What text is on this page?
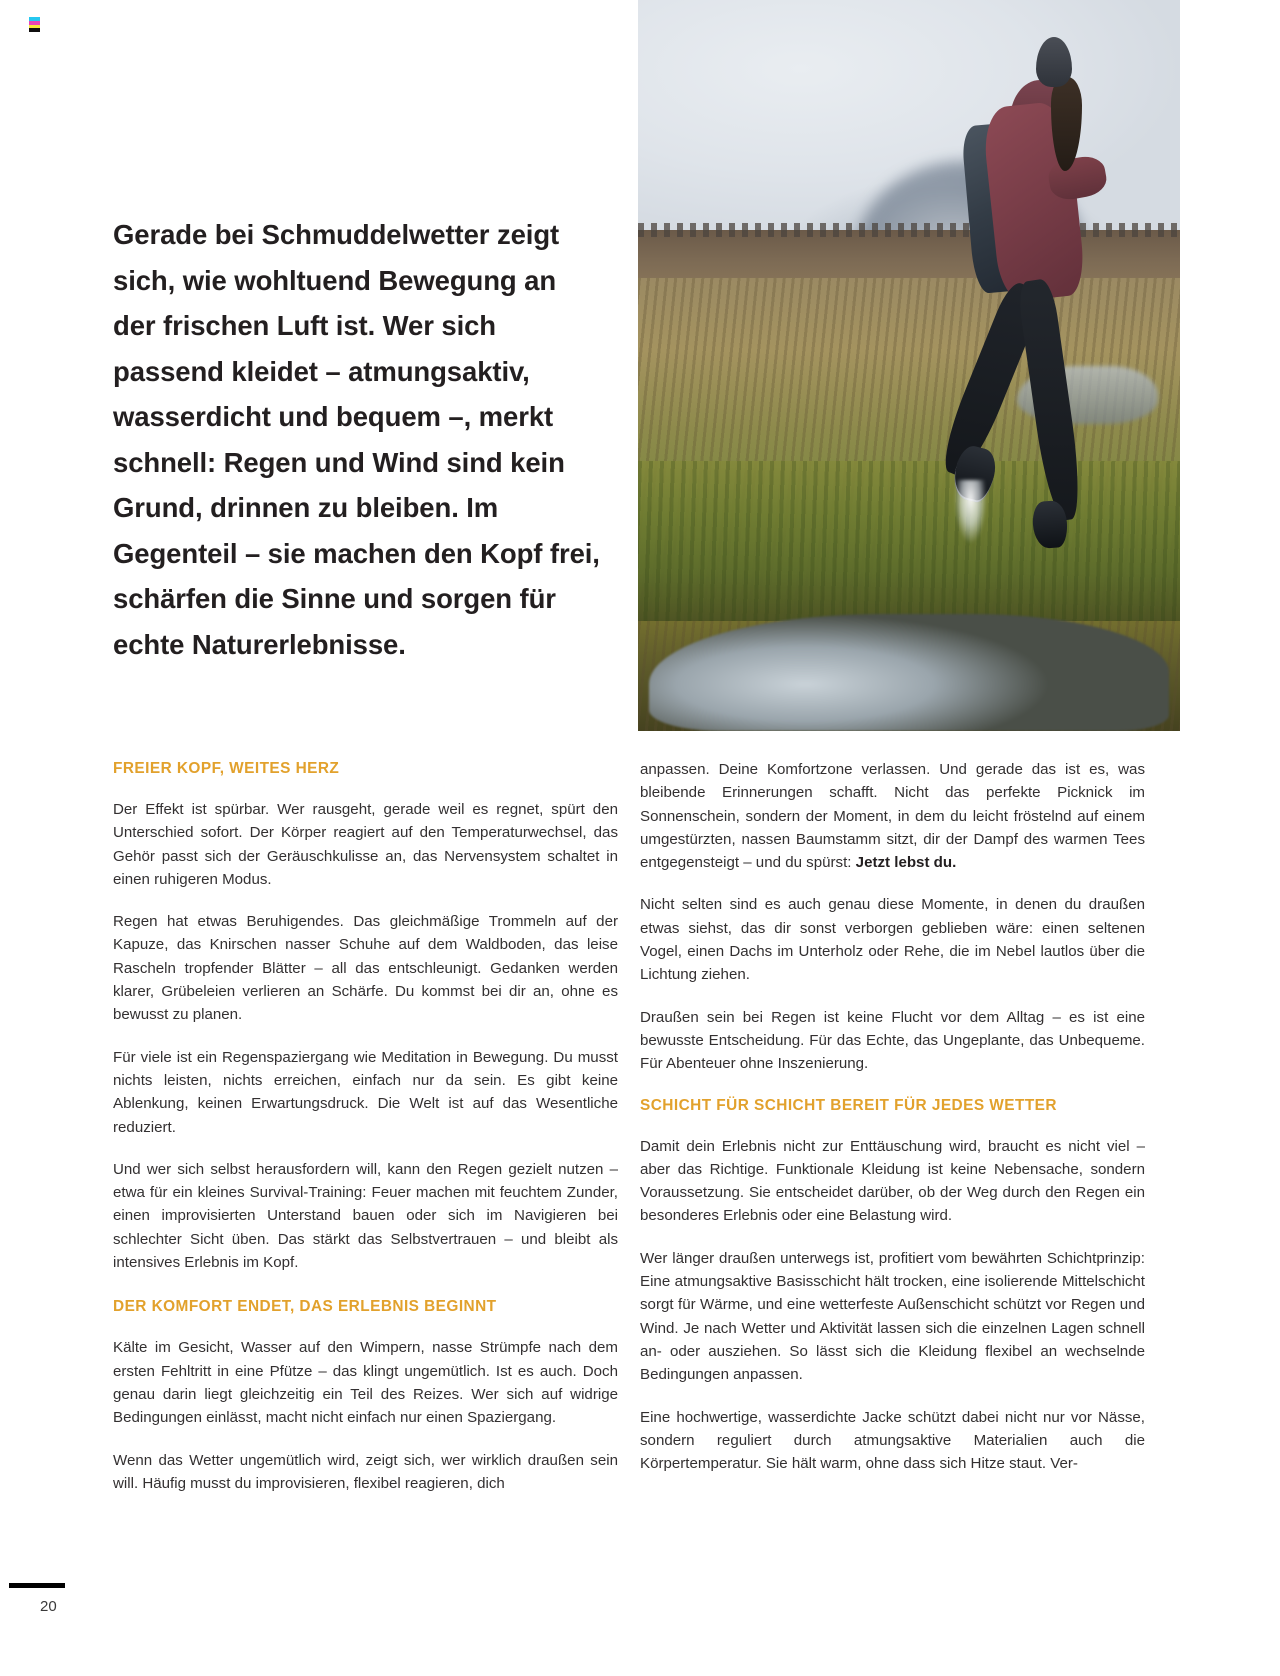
Gerade bei Schmuddelwetter zeigt sich, wie wohltuend Bewegung an der frischen Luft ist. Wer sich passend kleidet – atmungsaktiv, wasserdicht und bequem –, merkt schnell: Regen und Wind sind kein Grund, drinnen zu bleiben. Im Gegenteil – sie machen den Kopf frei, schärfen die Sinne und sorgen für echte Naturerlebnisse.

FREIER KOPF, WEITES HERZ

Der Effekt ist spürbar. Wer rausgeht, gerade weil es regnet, spürt den Unterschied sofort. Der Körper reagiert auf den Temperaturwechsel, das Gehör passt sich der Geräuschkulisse an, das Nervensystem schaltet in einen ruhigeren Modus.

Regen hat etwas Beruhigendes. Das gleichmäßige Trommeln auf der Kapuze, das Knirschen nasser Schuhe auf dem Waldboden, das leise Rascheln tropfender Blätter – all das entschleunigt. Gedanken werden klarer, Grübeleien verlieren an Schärfe. Du kommst bei dir an, ohne es bewusst zu planen.

Für viele ist ein Regenspaziergang wie Meditation in Bewegung. Du musst nichts leisten, nichts erreichen, einfach nur da sein. Es gibt keine Ablenkung, keinen Erwartungsdruck. Die Welt ist auf das Wesentliche reduziert.

Und wer sich selbst herausfordern will, kann den Regen gezielt nutzen – etwa für ein kleines Survival-Training: Feuer machen mit feuchtem Zunder, einen improvisierten Unterstand bauen oder sich im Navigieren bei schlechter Sicht üben. Das stärkt das Selbstvertrauen – und bleibt als intensives Erlebnis im Kopf.

DER KOMFORT ENDET, DAS ERLEBNIS BEGINNT

Kälte im Gesicht, Wasser auf den Wimpern, nasse Strümpfe nach dem ersten Fehltritt in eine Pfütze – das klingt ungemütlich. Ist es auch. Doch genau darin liegt gleichzeitig ein Teil des Reizes. Wer sich auf widrige Bedingungen einlässt, macht nicht einfach nur einen Spaziergang.

Wenn das Wetter ungemütlich wird, zeigt sich, wer wirklich draußen sein will. Häufig musst du improvisieren, flexibel reagieren, dich

anpassen. Deine Komfortzone verlassen. Und gerade das ist es, was bleibende Erinnerungen schafft. Nicht das perfekte Picknick im Sonnenschein, sondern der Moment, in dem du leicht fröstelnd auf einem umgestürzten, nassen Baumstamm sitzt, dir der Dampf des warmen Tees entgegensteigt – und du spürst: Jetzt lebst du.

Nicht selten sind es auch genau diese Momente, in denen du draußen etwas siehst, das dir sonst verborgen geblieben wäre: einen seltenen Vogel, einen Dachs im Unterholz oder Rehe, die im Nebel lautlos über die Lichtung ziehen.

Draußen sein bei Regen ist keine Flucht vor dem Alltag – es ist eine bewusste Entscheidung. Für das Echte, das Ungeplante, das Unbequeme. Für Abenteuer ohne Inszenierung.

SCHICHT FÜR SCHICHT BEREIT FÜR JEDES WETTER

Damit dein Erlebnis nicht zur Enttäuschung wird, braucht es nicht viel – aber das Richtige. Funktionale Kleidung ist keine Nebensache, sondern Voraussetzung. Sie entscheidet darüber, ob der Weg durch den Regen ein besonderes Erlebnis oder eine Belastung wird.

Wer länger draußen unterwegs ist, profitiert vom bewährten Schichtprinzip: Eine atmungsaktive Basisschicht hält trocken, eine isolierende Mittelschicht sorgt für Wärme, und eine wetterfeste Außenschicht schützt vor Regen und Wind. Je nach Wetter und Aktivität lassen sich die einzelnen Lagen schnell an- oder ausziehen. So lässt sich die Kleidung flexibel an wechselnde Bedingungen anpassen.

Eine hochwertige, wasserdichte Jacke schützt dabei nicht nur vor Nässe, sondern reguliert durch atmungsaktive Materialien auch die Körpertemperatur. Sie hält warm, ohne dass sich Hitze staut. Ver-

20
